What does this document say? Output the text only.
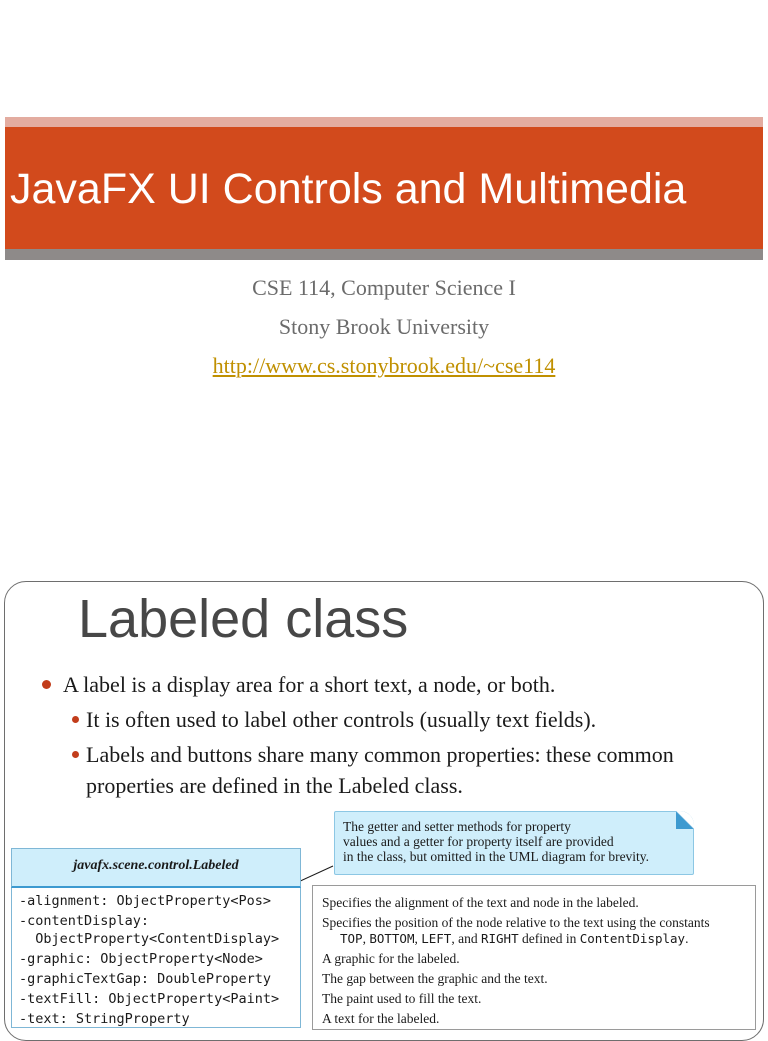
JavaFX UI Controls and Multimedia

CSE 114, Computer Science I

Stony Brook University

http://www.cs.stonybrook.edu/~cse114

Labeled class

A label is a display area for a short text, a node, or both.

It is often used to label other controls (usually text fields).

Labels and buttons share many common properties: these common

properties are defined in the Labeled class.

The getter and setter methods for property

values and a getter for property itself are provided

in the class, but omitted in the UML diagram for brevity.

javafx.scene.control.Labeled

-alignment: ObjectProperty<Pos>

-contentDisplay:

ObjectProperty<ContentDisplay>

-graphic: ObjectProperty<Node>

-graphicTextGap: DoubleProperty

-textFill: ObjectProperty<Paint>

-text: StringProperty

Specifies the alignment of the text and node in the labeled.

Specifies the position of the node relative to the text using the constants

TOP, BOTTOM, LEFT, and RIGHT defined in ContentDisplay.

A graphic for the labeled.

The gap between the graphic and the text.

The paint used to fill the text.

A text for the labeled.
